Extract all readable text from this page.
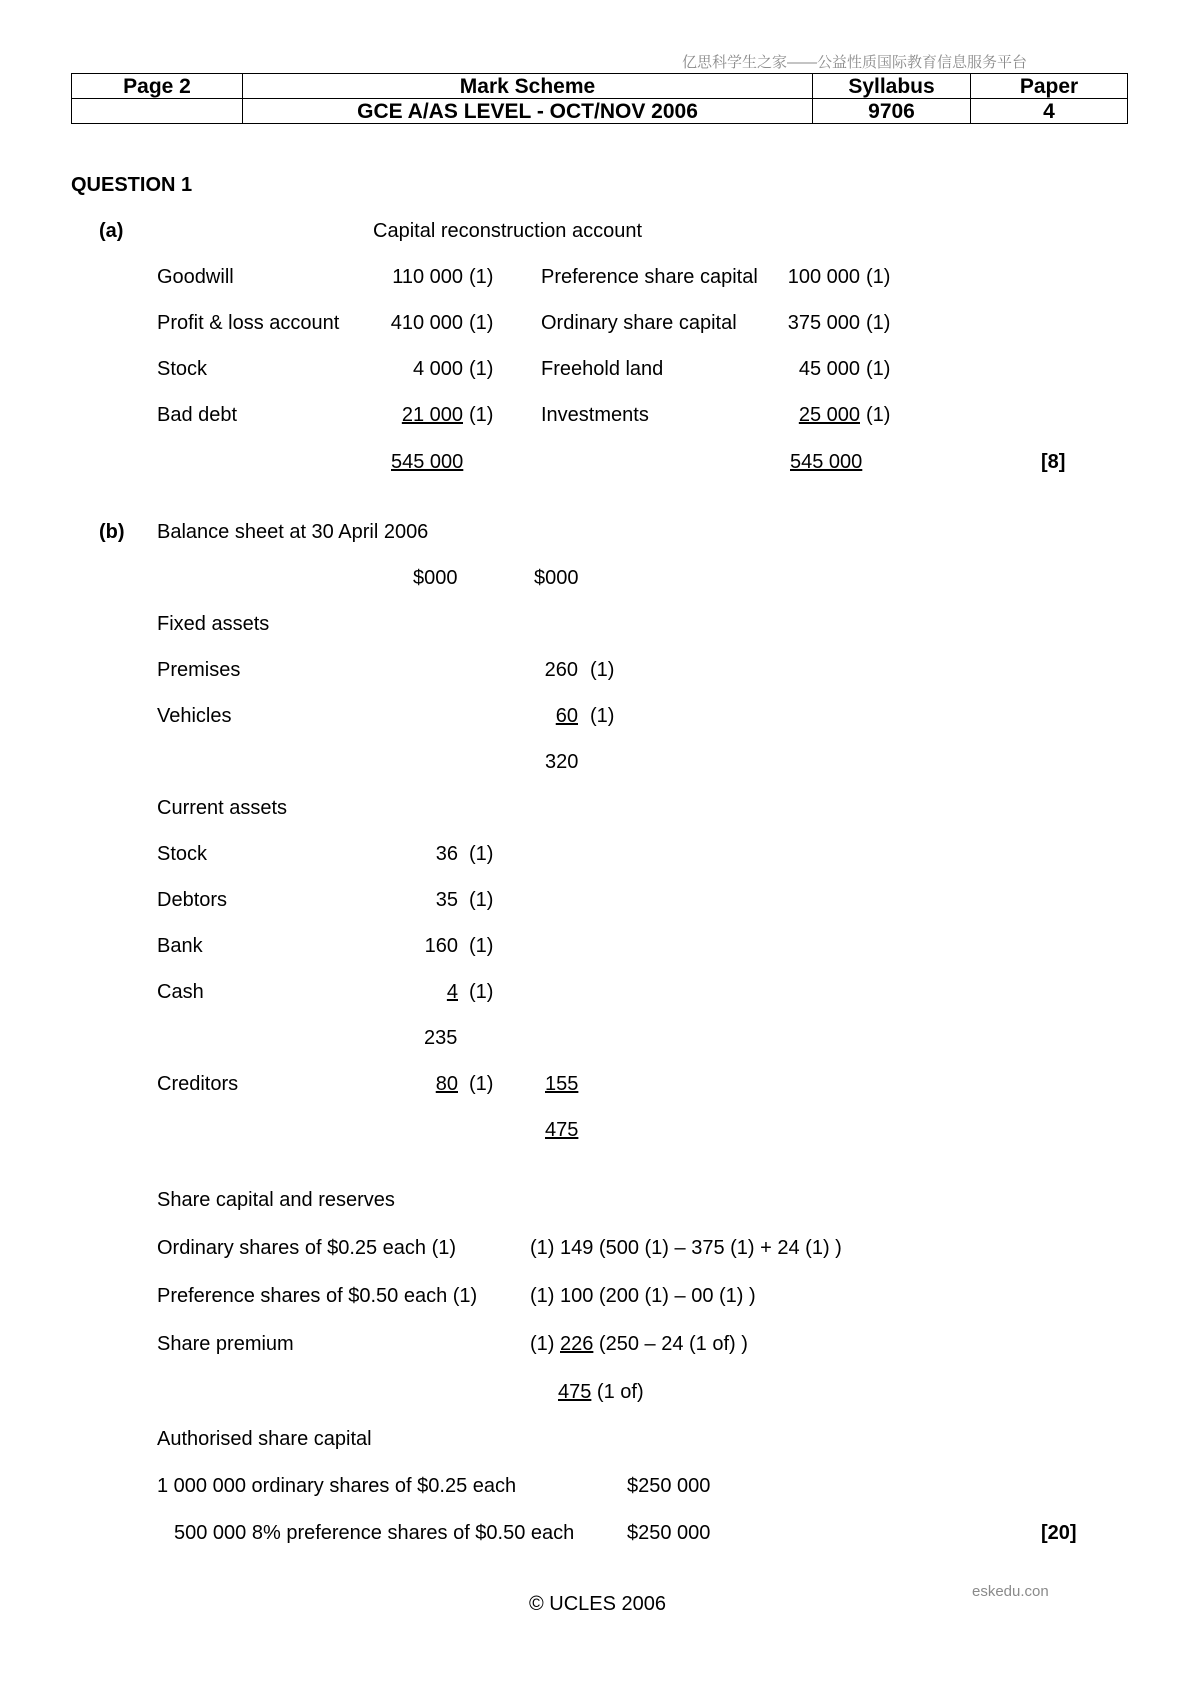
亿思科学生之家——公益性质国际教育信息服务平台
Page 2	Mark Scheme	Syllabus	Paper
	GCE A/AS LEVEL - OCT/NOV 2006	9706	4
QUESTION 1
(a)	Capital reconstruction account
Goodwill	110 000 (1) Preference share capital	100 000 (1)
Profit & loss account	410 000 (1) Ordinary share capital	375 000 (1)
Stock	4 000 (1) Freehold land	45 000 (1)
Bad debt	21 000 (1) Investments	25 000 (1)
545 000	545 000	[8]
(b) Balance sheet at 30 April 2006
$000	$000
Fixed assets
Premises	260 (1)
Vehicles	60 (1)
320
Current assets
Stock	36 (1)
Debtors	35 (1)
Bank	160 (1)
Cash	4 (1)
235
Creditors	80 (1)	155
475
Share capital and reserves
Ordinary shares of $0.25 each (1)	(1) 149 (500 (1) – 375 (1) + 24 (1) )
Preference shares of $0.50 each (1)	(1) 100 (200 (1) – 00 (1) )
Share premium	(1) 226 (250 – 24 (1 of) )
475 (1 of)
Authorised share capital
1 000 000 ordinary shares of $0.25 each	$250 000
500 000 8% preference shares of $0.50 each	$250 000	[20]
eskedu.con
© UCLES 2006
